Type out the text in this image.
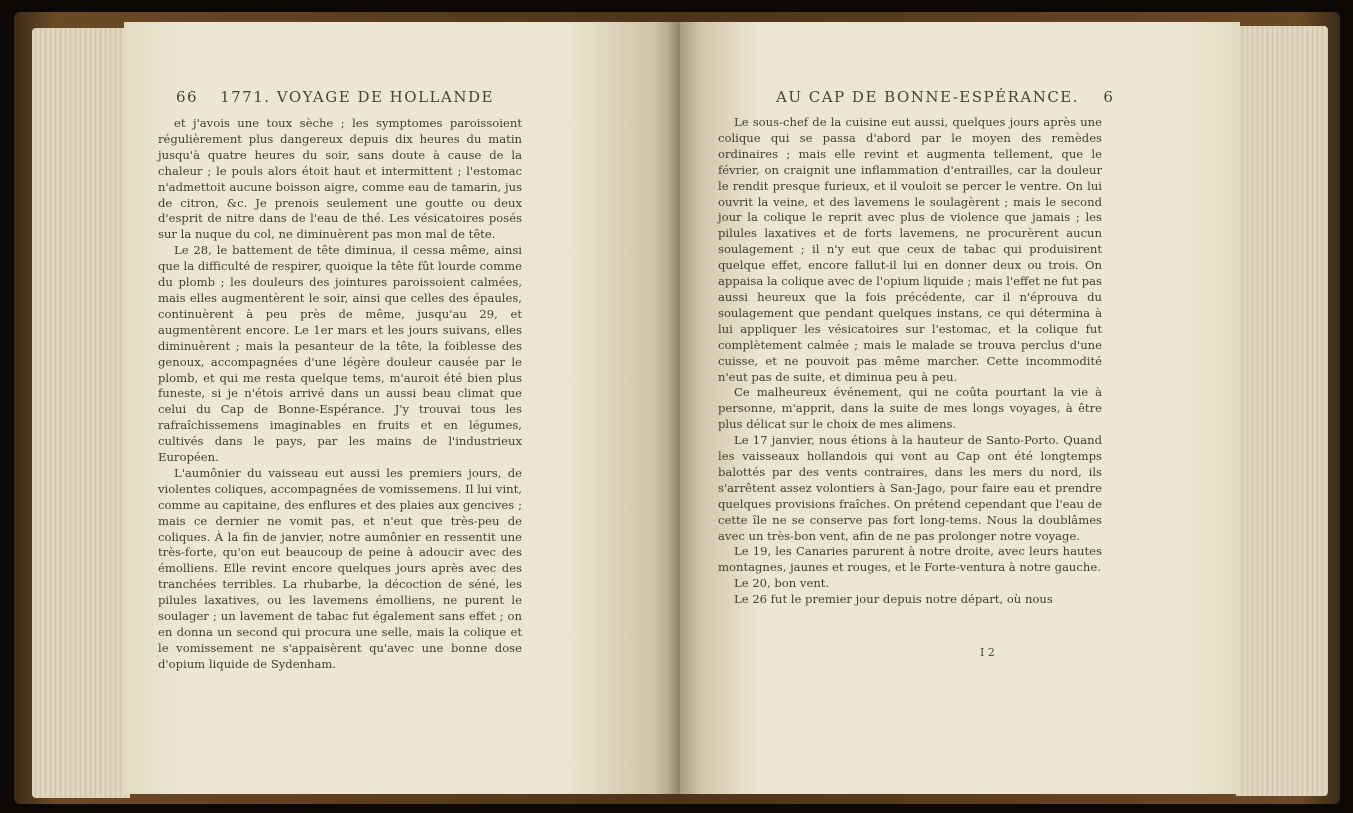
66 1771. VOYAGE DE HOLLANDE

et j'avois une toux sèche ; les symptomes paroissoient régulièrement plus dangereux depuis dix heures du matin jusqu'à quatre heures du soir, sans doute à cause de la chaleur ; le pouls alors étoit haut et intermittent ; l'estomac n'admettoit aucune boisson aigre, comme eau de tamarin, jus de citron, &c. Je prenois seulement une goutte ou deux d'esprit de nitre dans de l'eau de thé. Les vésicatoires posés sur la nuque du col, ne diminuèrent pas mon mal de tête.

Le 28, le battement de tête diminua, il cessa même, ainsi que la difficulté de respirer, quoique la tête fût lourde comme du plomb ; les douleurs des jointures paroissoient calmées, mais elles augmentèrent le soir, ainsi que celles des épaules, continuèrent à peu près de même, jusqu'au 29, et augmentèrent encore. Le 1er mars et les jours suivans, elles diminuèrent ; mais la pesanteur de la tête, la foiblesse des genoux, accompagnées d'une légère douleur causée par le plomb, et qui me resta quelque tems, m'auroit été bien plus funeste, si je n'étois arrivé dans un aussi beau climat que celui du Cap de Bonne-Espérance. J'y trouvai tous les rafraîchissemens imaginables en fruits et en légumes, cultivés dans le pays, par les mains de l'industrieux Européen.

L'aumônier du vaisseau eut aussi les premiers jours, de violentes coliques, accompagnées de vomissemens. Il lui vint, comme au capitaine, des enflures et des plaies aux gencives ; mais ce dernier ne vomit pas, et n'eut que très-peu de coliques. À la fin de janvier, notre aumônier en ressentit une très-forte, qu'on eut beaucoup de peine à adoucir avec des émolliens. Elle revint encore quelques jours après avec des tranchées terribles. La rhubarbe, la décoction de séné, les pilules laxatives, ou les lavemens émolliens, ne purent le soulager ; un lavement de tabac fut également sans effet ; on en donna un second qui procura une selle, mais la colique et le vomissement ne s'appaisèrent qu'avec une bonne dose d'opium liquide de Sydenham.

AU CAP DE BONNE-ESPÉRANCE. 6

Le sous-chef de la cuisine eut aussi, quelques jours après une colique qui se passa d'abord par le moyen des remèdes ordinaires ; mais elle revint et augmenta tellement, que le février, on craignit une inflammation d'entrailles, car la douleur le rendit presque furieux, et il vouloit se percer le ventre. On lui ouvrit la veine, et des lavemens le soulagèrent ; mais le second jour la colique le reprit avec plus de violence que jamais ; les pilules laxatives et de forts lavemens, ne procurèrent aucun soulagement ; il n'y eut que ceux de tabac qui produisirent quelque effet, encore fallut-il lui en donner deux ou trois. On appaisa la colique avec de l'opium liquide ; mais l'effet ne fut pas aussi heureux que la fois précédente, car il n'éprouva du soulagement que pendant quelques instans, ce qui détermina à lui appliquer les vésicatoires sur l'estomac, et la colique fut complètement calmée ; mais le malade se trouva perclus d'une cuisse, et ne pouvoit pas même marcher. Cette incommodité n'eut pas de suite, et diminua peu à peu.

Ce malheureux événement, qui ne coûta pourtant la vie à personne, m'apprit, dans la suite de mes longs voyages, à être plus délicat sur le choix de mes alimens.

Le 17 janvier, nous étions à la hauteur de Santo-Porto. Quand les vaisseaux hollandois qui vont au Cap ont été longtemps balottés par des vents contraires, dans les mers du nord, ils s'arrêtent assez volontiers à San-Jago, pour faire eau et prendre quelques provisions fraîches. On prétend cependant que l'eau de cette île ne se conserve pas fort long-tems. Nous la doublâmes avec un très-bon vent, afin de ne pas prolonger notre voyage.

Le 19, les Canaries parurent à notre droite, avec leurs hautes montagnes, jaunes et rouges, et le Forte-ventura à notre gauche.

Le 20, bon vent.

Le 26 fut le premier jour depuis notre départ, où nous

I 2
